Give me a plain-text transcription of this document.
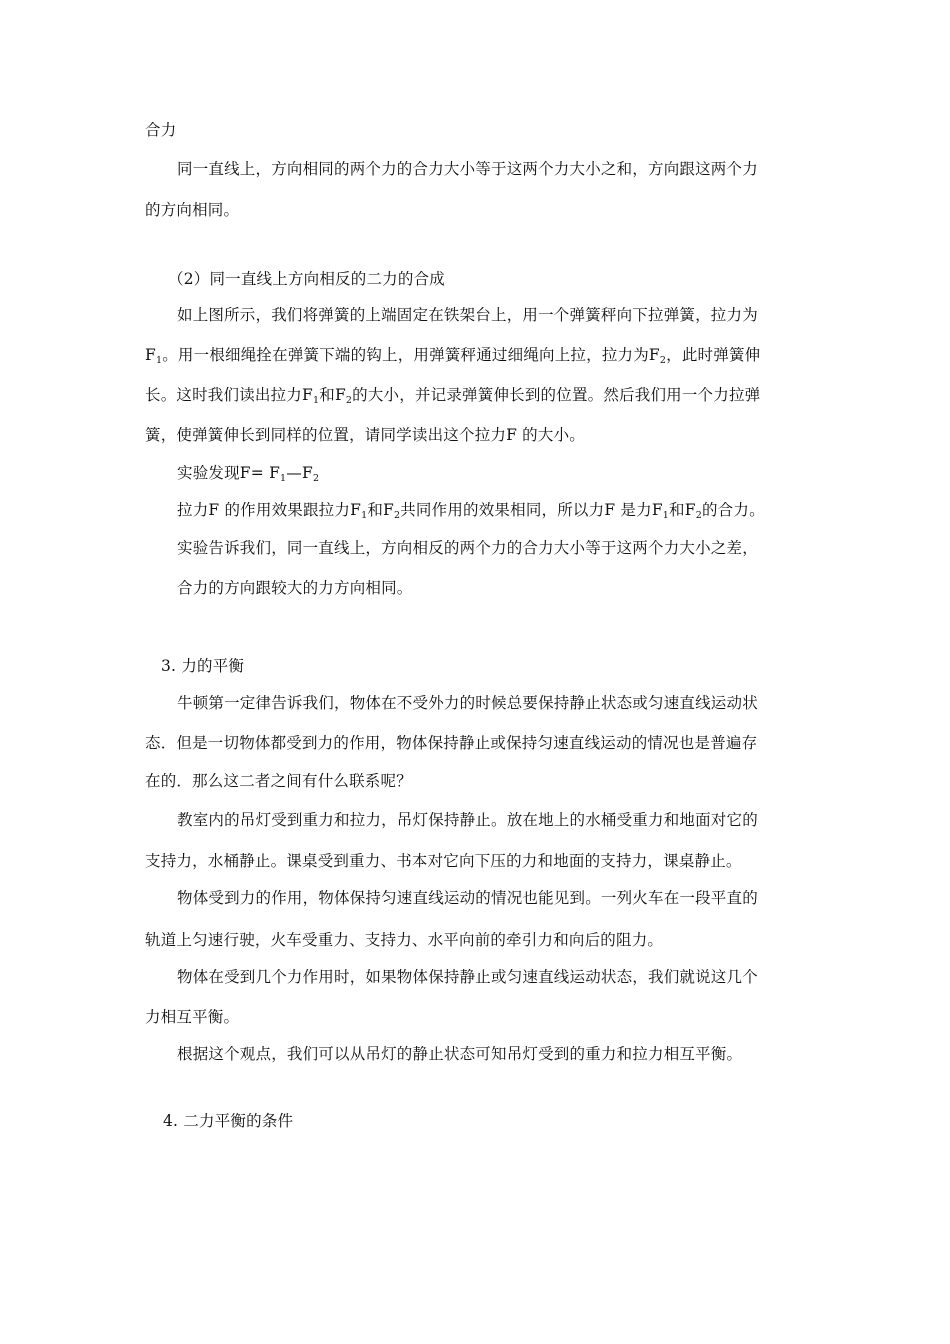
合力
同一直线上，方向相同的两个力的合力大小等于这两个力大小之和，方向跟这两个力
的方向相同。
（2）同一直线上方向相反的二力的合成
如上图所示，我们将弹簧的上端固定在铁架台上，用一个弹簧秤向下拉弹簧，拉力为
$F_1$。用一根细绳拴在弹簧下端的钩上，用弹簧秤通过细绳向上拉，拉力为$F_2$，此时弹簧伸
长。这时我们读出拉力$F_1$和$F_2$的大小，并记录弹簧伸长到的位置。然后我们用一个力拉弹
簧，使弹簧伸长到同样的位置，请同学读出这个拉力F 的大小。
实验发现$F= F_1—F_2$
拉力F 的作用效果跟拉力$F_1$和$F_2$共同作用的效果相同，所以力F 是力$F_1$和$F_2$的合力。
实验告诉我们，同一直线上，方向相反的两个力的合力大小等于这两个力大小之差，
合力的方向跟较大的力方向相同。
3. 力的平衡
牛顿第一定律告诉我们，物体在不受外力的时候总要保持静止状态或匀速直线运动状
态．但是一切物体都受到力的作用，物体保持静止或保持匀速直线运动的情况也是普遍存
在的．那么这二者之间有什么联系呢？
教室内的吊灯受到重力和拉力，吊灯保持静止。放在地上的水桶受重力和地面对它的
支持力，水桶静止。课桌受到重力、书本对它向下压的力和地面的支持力，课桌静止。
物体受到力的作用，物体保持匀速直线运动的情况也能见到。一列火车在一段平直的
轨道上匀速行驶，火车受重力、支持力、水平向前的牵引力和向后的阻力。
物体在受到几个力作用时，如果物体保持静止或匀速直线运动状态，我们就说这几个
力相互平衡。
根据这个观点，我们可以从吊灯的静止状态可知吊灯受到的重力和拉力相互平衡。
4. 二力平衡的条件
